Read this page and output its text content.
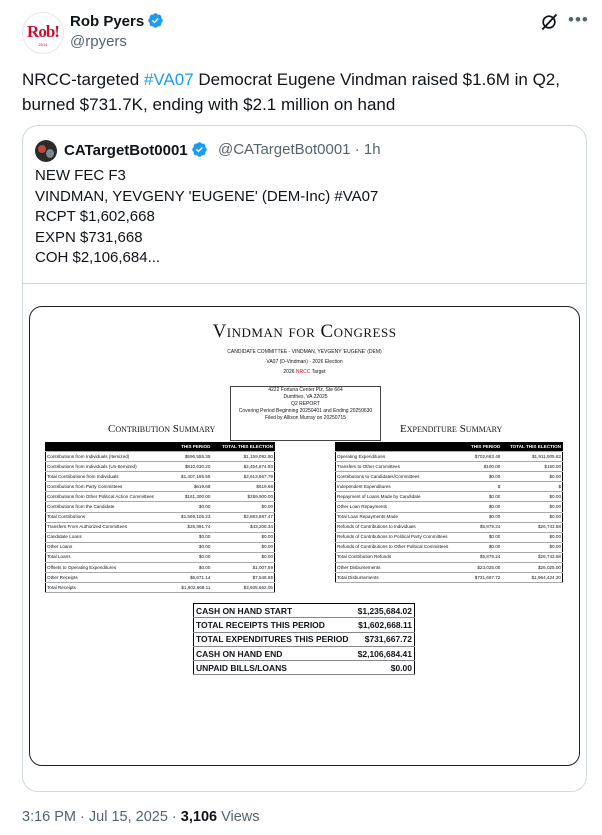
Rob!
2014
Rob Pyers
@rpyers
•••
NRCC-targeted #VA07 Democrat Eugene Vindman raised $1.6M in Q2, burned $731.7K, ending with $2.1 million on hand
CATargetBot0001	@CATargetBot0001 · 1h
NEW FEC F3
VINDMAN, YEVGENY 'EUGENE' (DEM-Inc) #VA07
RCPT $1,602,668
EXPN $731,668
COH $2,106,684...
Vindman for Congress
CANDIDATE COMMITTEE - VINDMAN, YEVGENY 'EUGENE' (DEM)
VA07 (D-Vindman) - 2026 Election
2026 NRCC Target
4222 Fortuna Center Plz, Ste 664
Dumfries, VA 22025
Q2 REPORT
Covering Period Beginning 20250401 and Ending 20250630
Filed by Allison Murray on 20250715
Contribution Summary	Expenditure Summary
	THIS PERIOD	TOTAL THIS ELECTION
Contributions from Individuals (Itemized)	$596,555.35	$1,159,092.80
Contributions from Individuals (Un-Itemized)	$810,630.20	$2,454,874.93
Total Contributions from Individuals	$1,407,185.55	$3,613,967.79
Contributions from Party Committees	$619.68	$619.68
Contributions from Other Political Action Committees	$161,300.00	$269,900.00
Contributions from the Candidate	$0.00	$0.00
Total Contributions	$1,569,105.23	$3,883,887.47
Transfers From Authorized Committees	$26,891.74	$43,208.34
Candidate Loans	$0.00	$0.00
Other Loans	$0.00	$0.00
Total Loans	$0.00	$0.00
Offsets to Operating Expenditures	$0.00	$1,007.59
Other Receipts	$6,671.14	$7,548.65
Total Receipts	$1,602,668.11	$3,935,652.05
	THIS PERIOD	TOTAL THIS ELECTION
Operating Expenditures	$702,663.48	$1,911,505.62
Transfers to Other Committees	$100.00	$150.00
Contributions to Candidates/Committees	$0.00	$0.00
Independent Expenditures	$	$
Repayment of Loans Made by Candidate	$0.00	$0.00
Other Loan Repayments	$0.00	$0.00
Total Loan Repayments Made	$0.00	$0.00
Refunds of Contributions to Individuals	$5,879.24	$26,743.58
Refunds of Contributions to Political Party Committees	$0.00	$0.00
Refunds of Contributions to Other Political Committees	$0.00	$0.00
Total Contribution Refunds	$5,879.24	$26,743.58
Other Disbursements	$23,025.00	$26,025.00
Total Disbursements	$731,667.72	$1,964,424.20
CASH ON HAND START	$1,235,684.02
TOTAL RECEIPTS THIS PERIOD	$1,602,668.11
TOTAL EXPENDITURES THIS PERIOD	$731,667.72
CASH ON HAND END	$2,106,684.41
UNPAID BILLS/LOANS	$0.00
3:16 PM · Jul 15, 2025 · 3,106 Views
